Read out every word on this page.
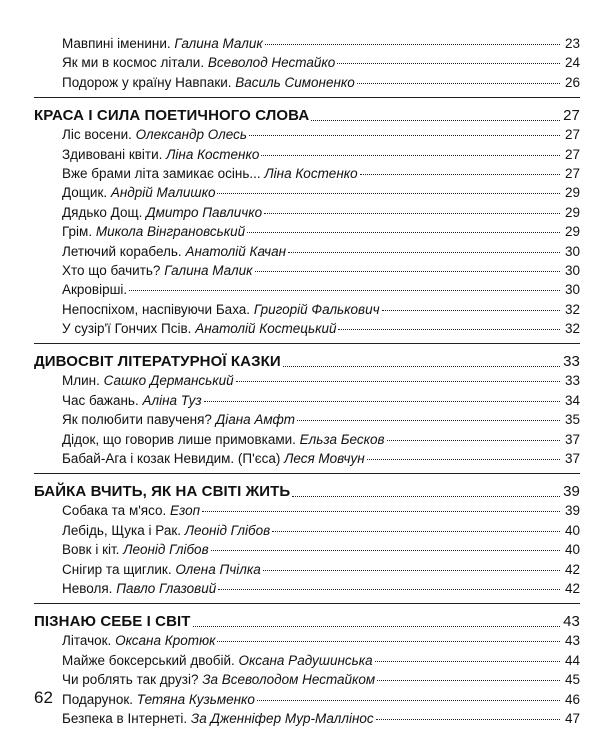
Мавпині іменини. Галина Малик	23
Як ми в космос літали. Всеволод Нестайко	24
Подорож у країну Навпаки. Василь Симоненко	26
КРАСА І СИЛА ПОЕТИЧНОГО СЛОВА	27
Ліс восени. Олександр Олесь	27
Здивовані квіти. Ліна Костенко	27
Вже брами літа замикає осінь... Ліна Костенко	27
Дощик. Андрій Малишко	29
Дядько Дощ. Дмитро Павличко	29
Грім. Микола Вінграновський	29
Летючий корабель. Анатолій Качан	30
Хто що бачить? Галина Малик	30
Акровірші.	30
Непоспіхом, наспівуючи Баха. Григорій Фалькович	32
У сузір'ї Гончих Псів. Анатолій Костецький	32
ДИВОСВІТ ЛІТЕРАТУРНОЇ КАЗКИ	33
Млин. Сашко Дерманський	33
Час бажань. Аліна Туз	34
Як полюбити павученя? Діана Амфт	35
Дідок, що говорив лише примовками. Ельза Бесков	37
Бабай-Ага і козак Невидим. (П'єса) Леся Мовчун	37
БАЙКА ВЧИТЬ, ЯК НА СВІТІ ЖИТЬ	39
Собака та м'ясо. Езоп	39
Лебідь, Щука і Рак. Леонід Глібов	40
Вовк і кіт. Леонід Глібов	40
Снігир та щиглик. Олена Пчілка	42
Неволя. Павло Глазовий	42
ПІЗНАЮ СЕБЕ І СВІТ	43
Літачок. Оксана Кротюк	43
Майже боксерський двобій. Оксана Радушинська	44
Чи роблять так друзі? За Всеволодом Нестайком	45
Подарунок. Тетяна Кузьменко	46
Безпека в Інтернеті. За Дженніфер Мур-Маллінос	47
62
